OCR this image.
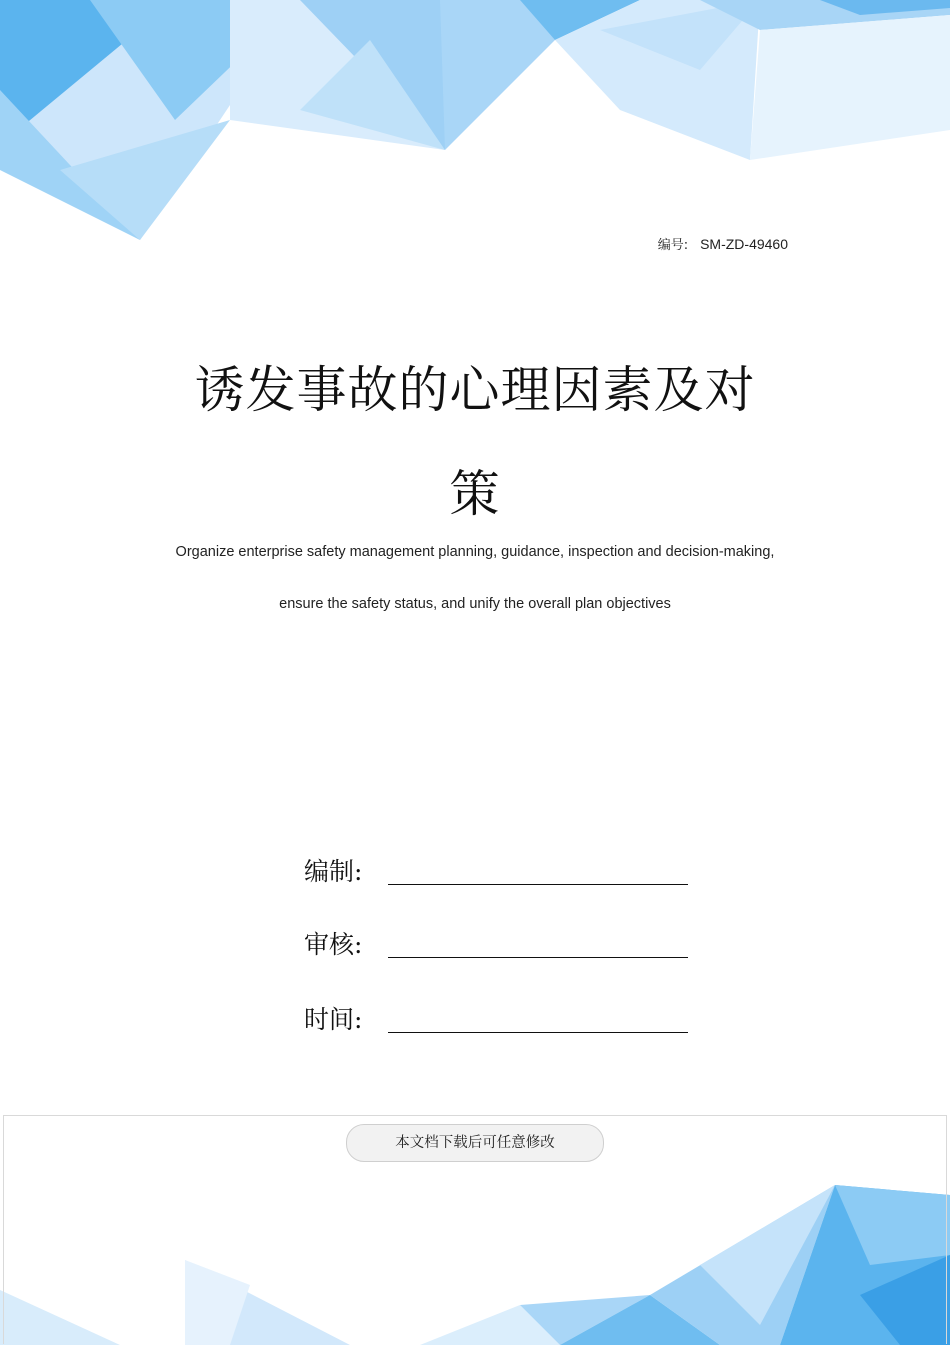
编号: SM-ZD-49460
诱发事故的心理因素及对
策
Organize enterprise safety management planning, guidance, inspection and decision-making,
ensure the safety status, and unify the overall plan objectives
编制:
审核:
时间:
本文档下载后可任意修改
